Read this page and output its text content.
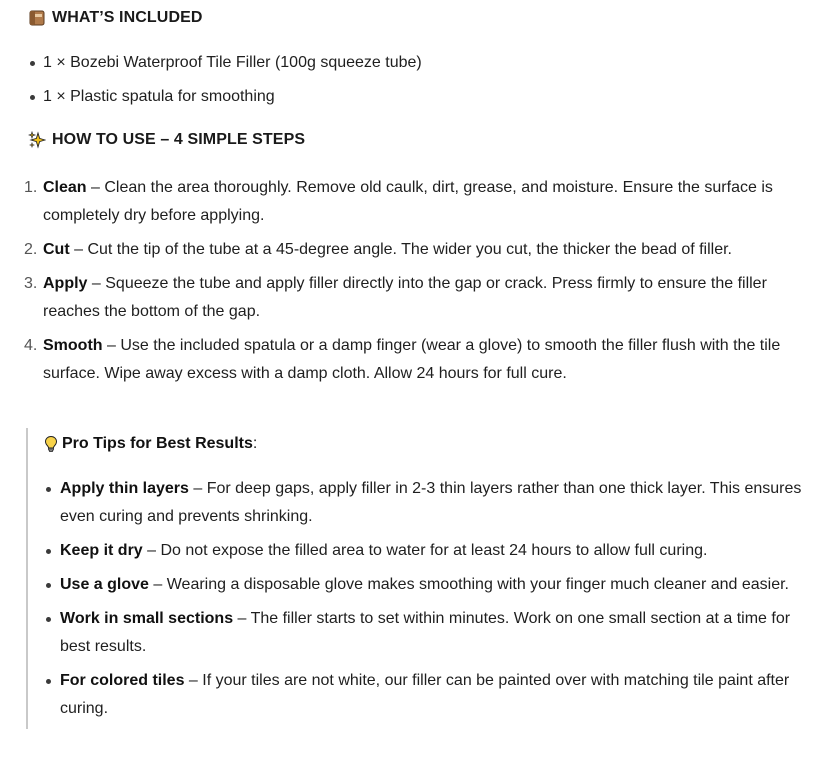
WHAT’S INCLUDED
1 × Bozebi Waterproof Tile Filler (100g squeeze tube)
1 × Plastic spatula for smoothing
HOW TO USE – 4 SIMPLE STEPS
1. Clean – Clean the area thoroughly. Remove old caulk, dirt, grease, and moisture. Ensure the surface is completely dry before applying.
2. Cut – Cut the tip of the tube at a 45-degree angle. The wider you cut, the thicker the bead of filler.
3. Apply – Squeeze the tube and apply filler directly into the gap or crack. Press firmly to ensure the filler reaches the bottom of the gap.
4. Smooth – Use the included spatula or a damp finger (wear a glove) to smooth the filler flush with the tile surface. Wipe away excess with a damp cloth. Allow 24 hours for full cure.
Pro Tips for Best Results :
Apply thin layers – For deep gaps, apply filler in 2-3 thin layers rather than one thick layer. This ensures even curing and prevents shrinking.
Keep it dry – Do not expose the filled area to water for at least 24 hours to allow full curing.
Use a glove – Wearing a disposable glove makes smoothing with your finger much cleaner and easier.
Work in small sections – The filler starts to set within minutes. Work on one small section at a time for best results.
For colored tiles – If your tiles are not white, our filler can be painted over with matching tile paint after curing.
